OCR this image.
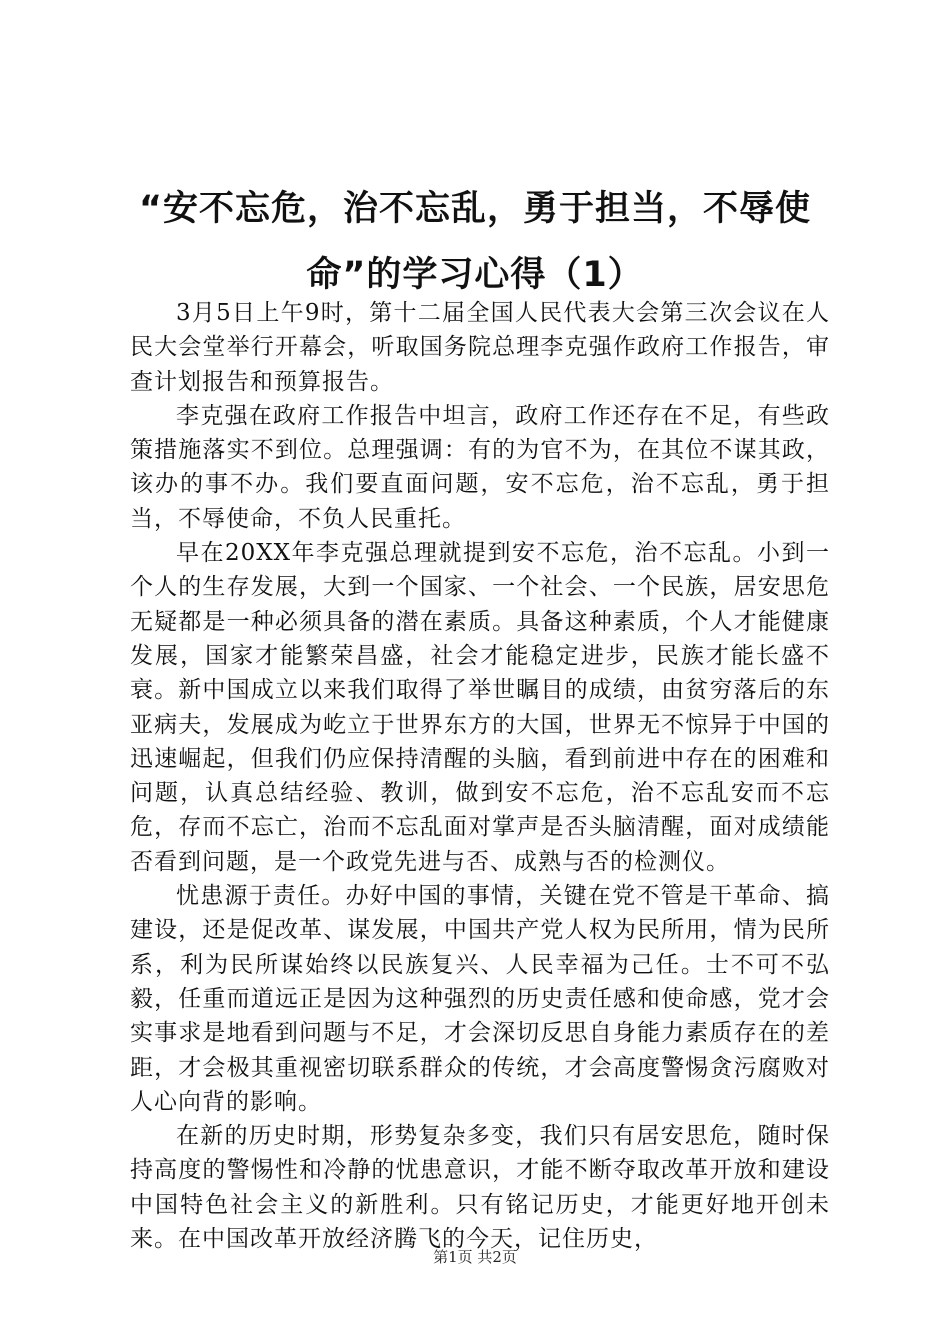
“安不忘危，治不忘乱，勇于担当，不辱使
命”的学习心得（1）

3月5日上午9时，第十二届全国人民代表大会第三次会议在人民大会堂举行开幕会，听取国务院总理李克强作政府工作报告，审查计划报告和预算报告。

李克强在政府工作报告中坦言，政府工作还存在不足，有些政策措施落实不到位。总理强调：有的为官不为，在其位不谋其政，该办的事不办。我们要直面问题，安不忘危，治不忘乱，勇于担当，不辱使命，不负人民重托。

早在20XX年李克强总理就提到安不忘危，治不忘乱。小到一个人的生存发展，大到一个国家、一个社会、一个民族，居安思危无疑都是一种必须具备的潜在素质。具备这种素质，个人才能健康发展，国家才能繁荣昌盛，社会才能稳定进步，民族才能长盛不衰。新中国成立以来我们取得了举世瞩目的成绩，由贫穷落后的东亚病夫，发展成为屹立于世界东方的大国，世界无不惊异于中国的迅速崛起，但我们仍应保持清醒的头脑，看到前进中存在的困难和问题，认真总结经验、教训，做到安不忘危，治不忘乱安而不忘危，存而不忘亡，治而不忘乱面对掌声是否头脑清醒，面对成绩能否看到问题，是一个政党先进与否、成熟与否的检测仪。

忧患源于责任。办好中国的事情，关键在党不管是干革命、搞建设，还是促改革、谋发展，中国共产党人权为民所用，情为民所系，利为民所谋始终以民族复兴、人民幸福为己任。士不可不弘毅，任重而道远正是因为这种强烈的历史责任感和使命感，党才会实事求是地看到问题与不足，才会深切反思自身能力素质存在的差距，才会极其重视密切联系群众的传统，才会高度警惕贪污腐败对人心向背的影响。

在新的历史时期，形势复杂多变，我们只有居安思危，随时保持高度的警惕性和冷静的忧患意识，才能不断夺取改革开放和建设中国特色社会主义的新胜利。只有铭记历史，才能更好地开创未来。在中国改革开放经济腾飞的今天，记住历史，

第1页 共2页
